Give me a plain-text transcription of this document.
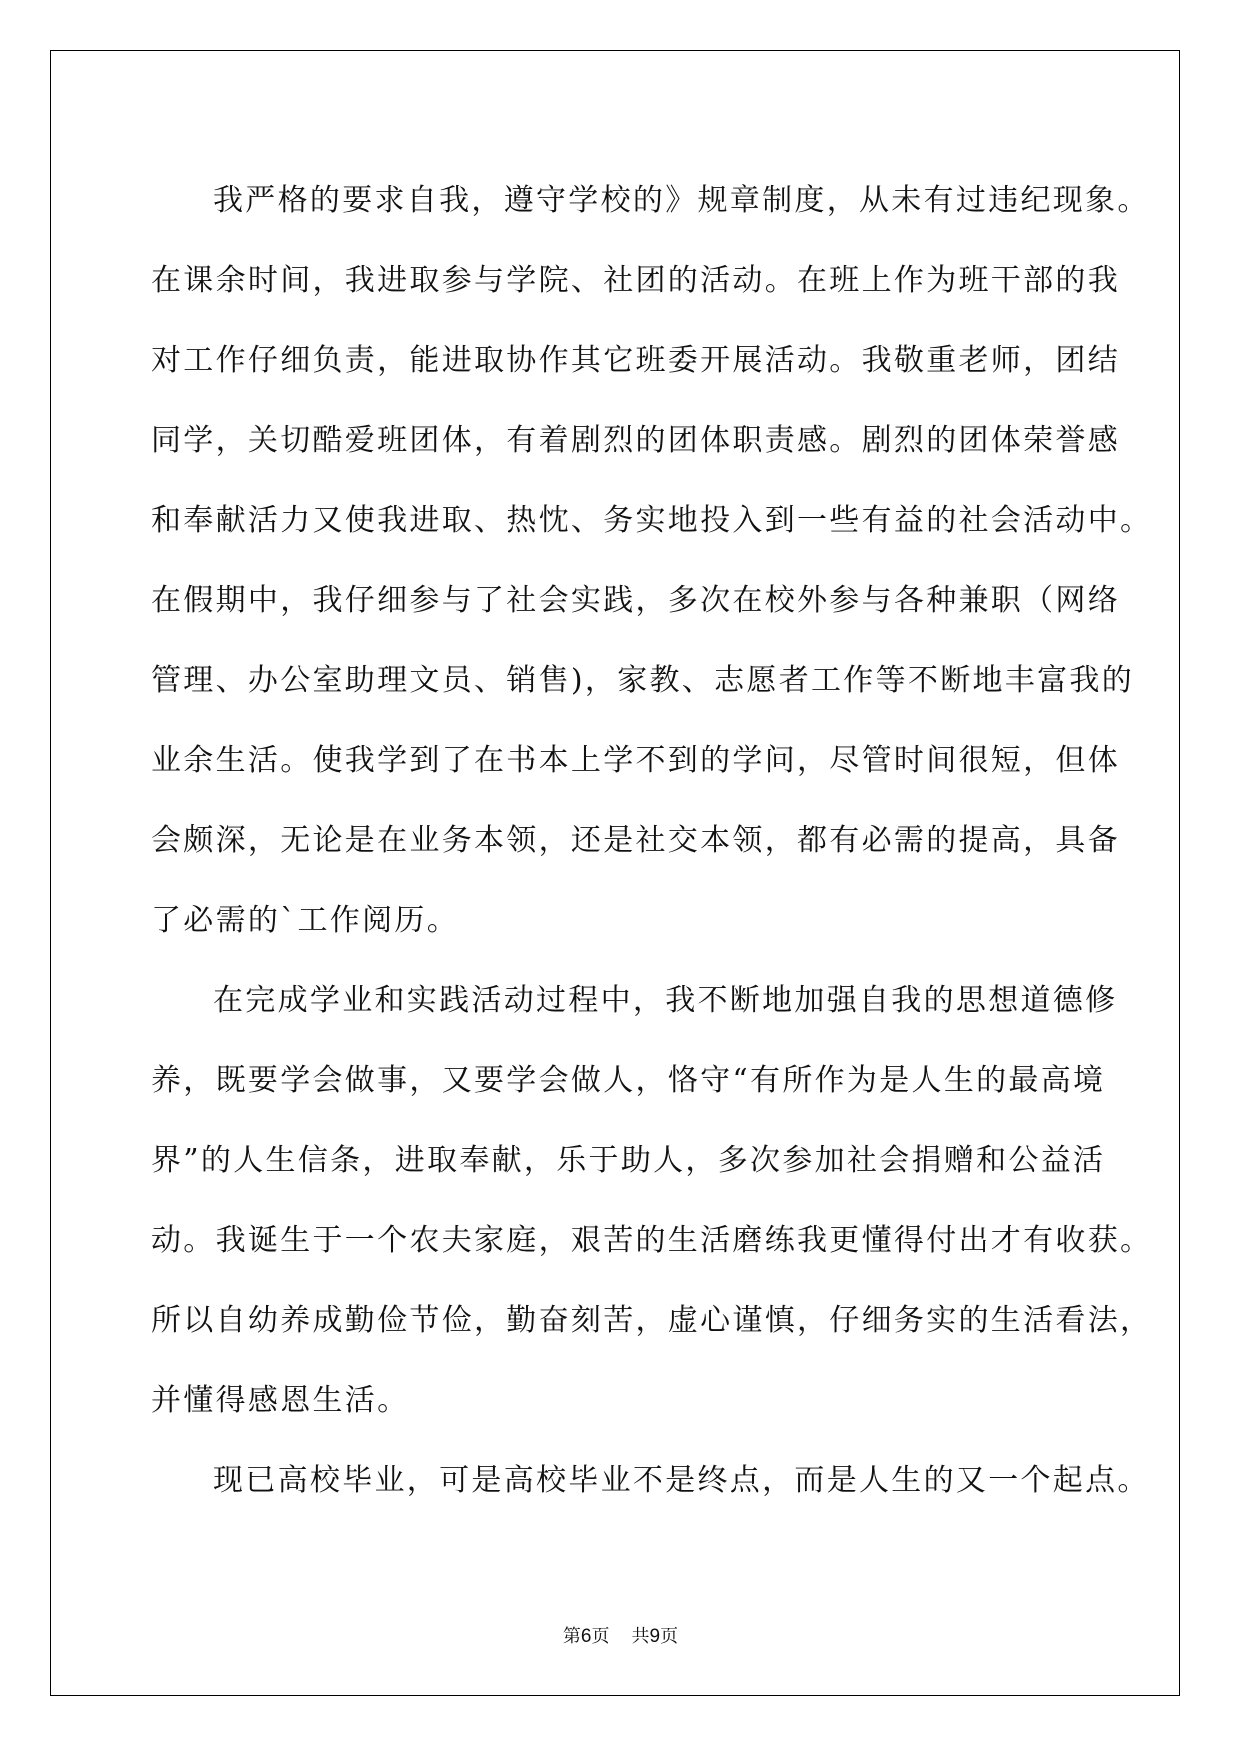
我严格的要求自我，遵守学校的》规章制度，从未有过违纪现象。
在课余时间，我进取参与学院、社团的活动。在班上作为班干部的我
对工作仔细负责，能进取协作其它班委开展活动。我敬重老师，团结
同学，关切酷爱班团体，有着剧烈的团体职责感。剧烈的团体荣誉感
和奉献活力又使我进取、热忱、务实地投入到一些有益的社会活动中。
在假期中，我仔细参与了社会实践，多次在校外参与各种兼职（网络
管理、办公室助理文员、销售)，家教、志愿者工作等不断地丰富我的
业余生活。使我学到了在书本上学不到的学问，尽管时间很短，但体
会颇深，无论是在业务本领，还是社交本领，都有必需的提高，具备
了必需的`工作阅历。
在完成学业和实践活动过程中，我不断地加强自我的思想道德修
养，既要学会做事，又要学会做人，恪守“有所作为是人生的最高境
界”的人生信条，进取奉献，乐于助人，多次参加社会捐赠和公益活
动。我诞生于一个农夫家庭，艰苦的生活磨练我更懂得付出才有收获。
所以自幼养成勤俭节俭，勤奋刻苦，虚心谨慎，仔细务实的生活看法，
并懂得感恩生活。
现已高校毕业，可是高校毕业不是终点，而是人生的又一个起点。
第6页 共9页
